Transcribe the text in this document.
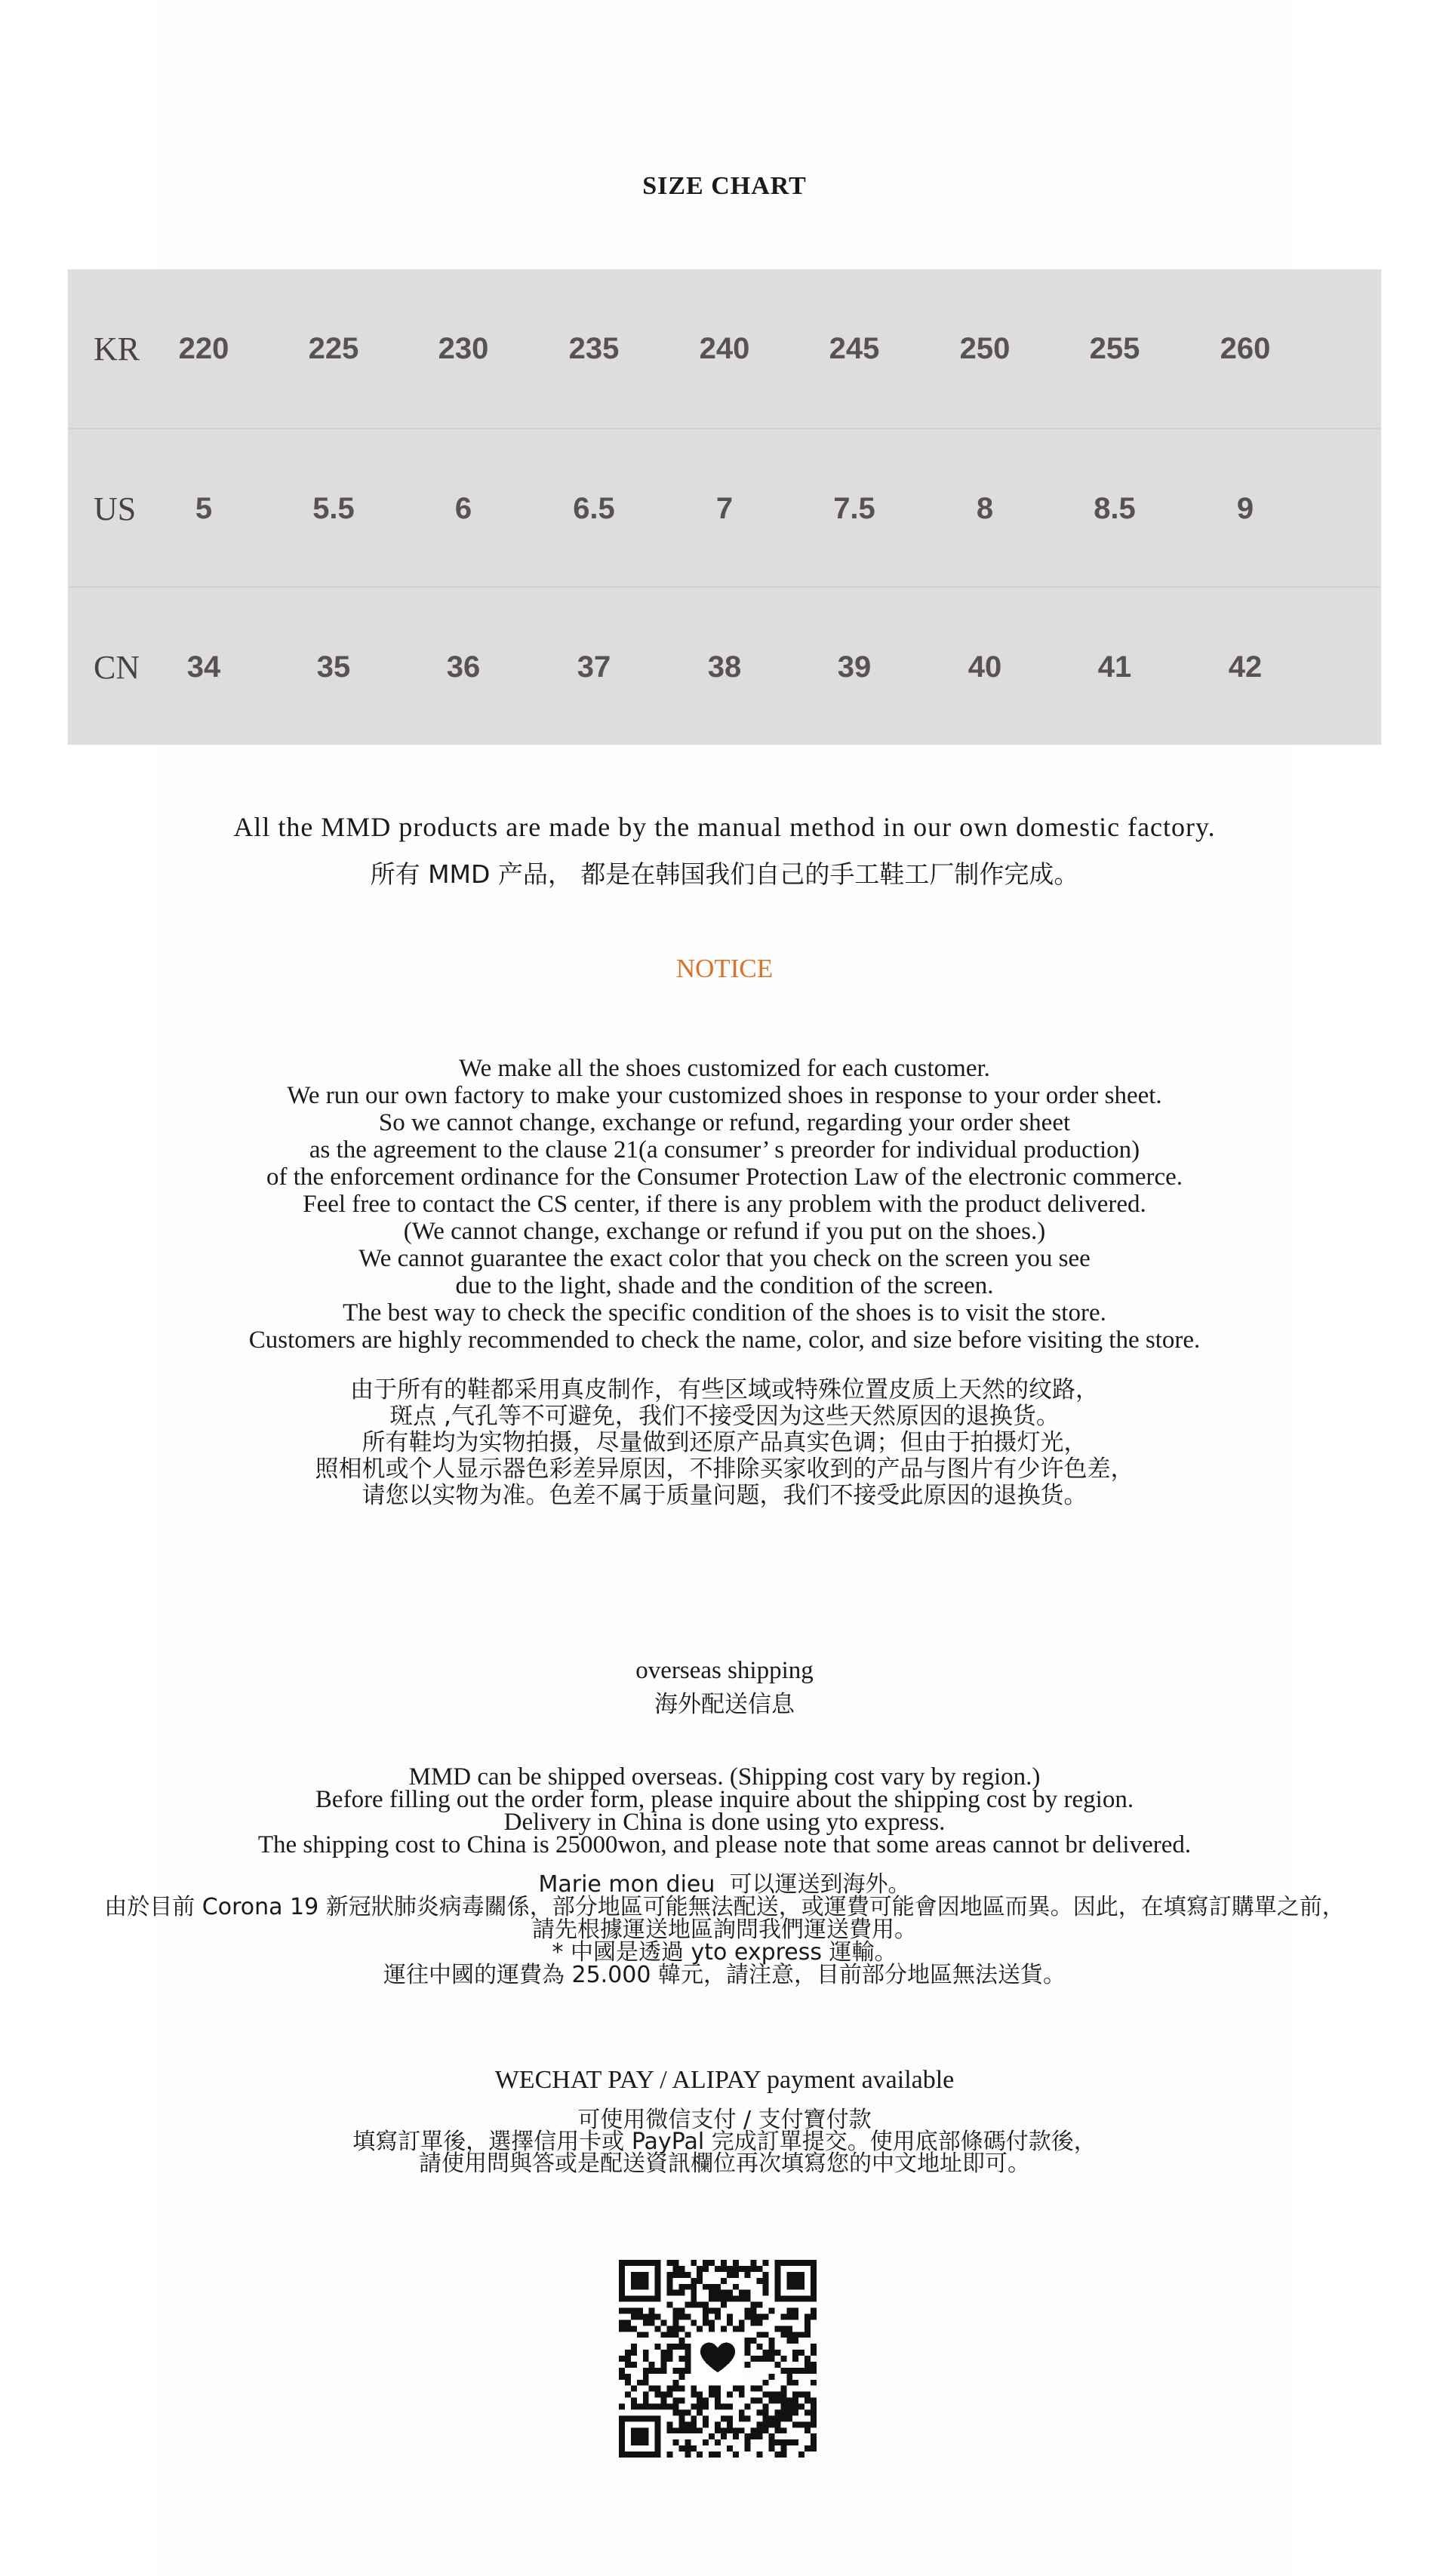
SIZE CHART
KR	220	225	230	235	240	245	250	255	260
US	5	5.5	6	6.5	7	7.5	8	8.5	9
CN	34	35	36	37	38	39	40	41	42
All the MMD products are made by the manual method in our own domestic factory.
所有 MMD 产品， 都是在韩国我们自己的手工鞋工厂制作完成。
NOTICE
We make all the shoes customized for each customer.
We run our own factory to make your customized shoes in response to your order sheet.
So we cannot change, exchange or refund, regarding your order sheet
as the agreement to the clause 21(a consumer’ s preorder for individual production)
of the enforcement ordinance for the Consumer Protection Law of the electronic commerce.
Feel free to contact the CS center, if there is any problem with the product delivered.
(We cannot change, exchange or refund if you put on the shoes.)
We cannot guarantee the exact color that you check on the screen you see
due to the light, shade and the condition of the screen.
The best way to check the specific condition of the shoes is to visit the store.
Customers are highly recommended to check the name, color, and size before visiting the store.
由于所有的鞋都采用真皮制作，有些区域或特殊位置皮质上天然的纹路，
斑点 ,气孔等不可避免，我们不接受因为这些天然原因的退换货。
所有鞋均为实物拍摄，尽量做到还原产品真实色调；但由于拍摄灯光，
照相机或个人显示器色彩差异原因，不排除买家收到的产品与图片有少许色差，
请您以实物为准。色差不属于质量问题，我们不接受此原因的退换货。
overseas shipping
海外配送信息
MMD can be shipped overseas. (Shipping cost vary by region.)
Before filling out the order form, please inquire about the shipping cost by region.
Delivery in China is done using yto express.
The shipping cost to China is 25000won, and please note that some areas cannot br delivered.
Marie mon dieu  可以運送到海外。
由於目前 Corona 19 新冠狀肺炎病毒關係，部分地區可能無法配送，或運費可能會因地區而異。因此，在填寫訂購單之前，
請先根據運送地區詢問我們運送費用。
* 中國是透過 yto express 運輸。
運往中國的運費為 25.000 韓元，請注意，目前部分地區無法送貨。
WECHAT PAY / ALIPAY payment available
可使用微信支付 / 支付寶付款
填寫訂單後，選擇信用卡或 PayPal 完成訂單提交。使用底部條碼付款後，
請使用問與答或是配送資訊欄位再次填寫您的中文地址即可。
